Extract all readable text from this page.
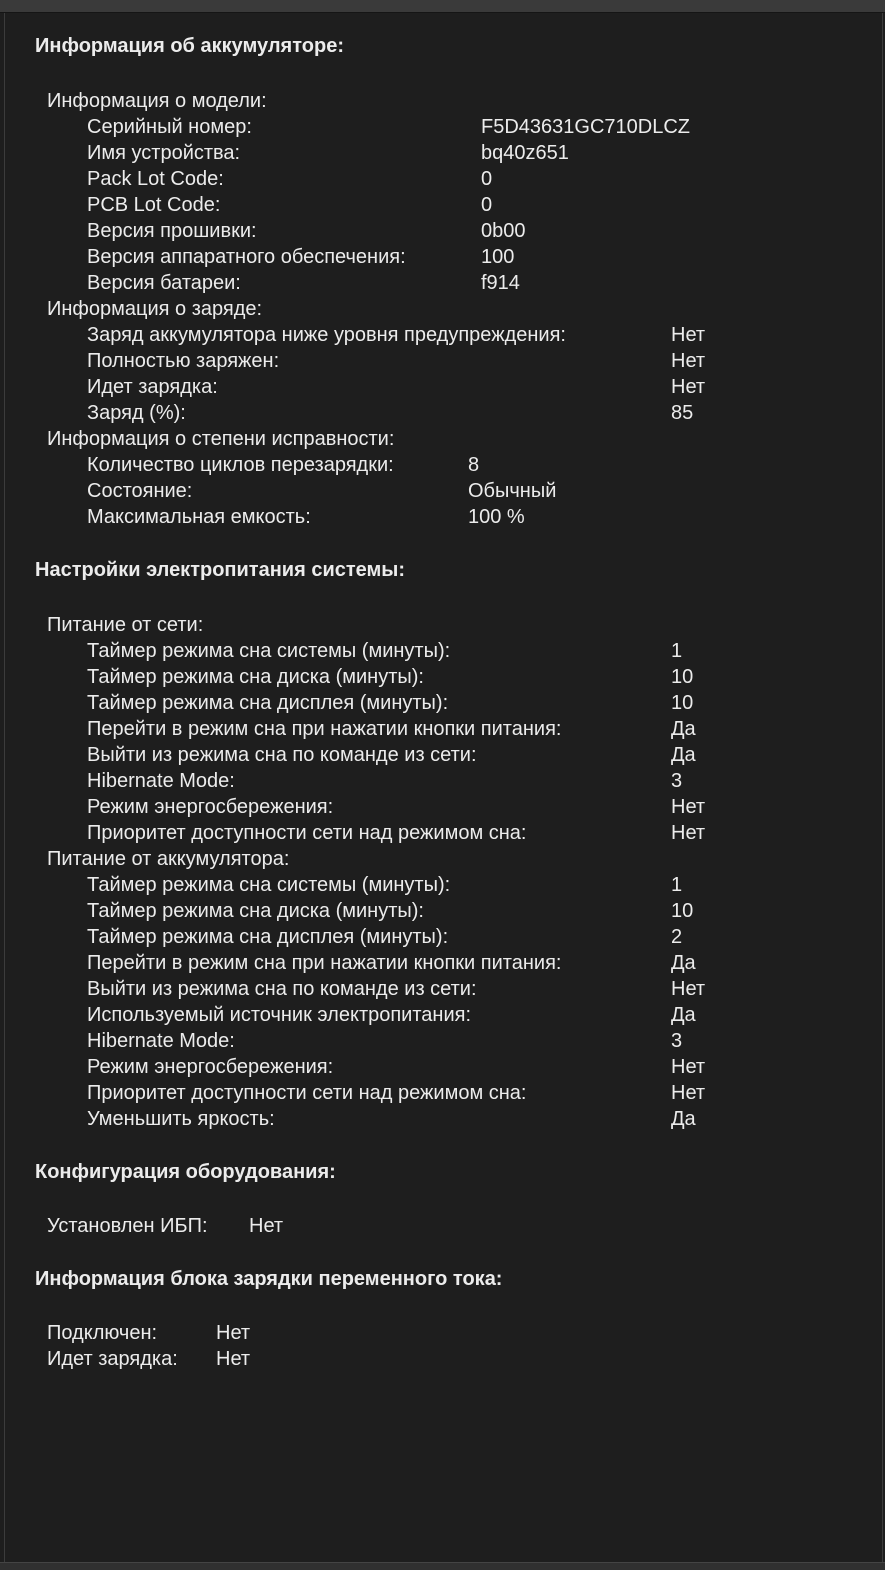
Информация об аккумуляторе:
Информация о модели:
Серийный номер:	F5D43631GC710DLCZ
Имя устройства:	bq40z651
Pack Lot Code:	0
PCB Lot Code:	0
Версия прошивки:	0b00
Версия аппаратного обеспечения:	100
Версия батареи:	f914
Информация о заряде:
Заряд аккумулятора ниже уровня предупреждения:	Нет
Полностью заряжен:	Нет
Идет зарядка:	Нет
Заряд (%):	85
Информация о степени исправности:
Количество циклов перезарядки:	8
Состояние:	Обычный
Максимальная емкость:	100 %
Настройки электропитания системы:
Питание от сети:
Таймер режима сна системы (минуты):	1
Таймер режима сна диска (минуты):	10
Таймер режима сна дисплея (минуты):	10
Перейти в режим сна при нажатии кнопки питания:	Да
Выйти из режима сна по команде из сети:	Да
Hibernate Mode:	3
Режим энергосбережения:	Нет
Приоритет доступности сети над режимом сна:	Нет
Питание от аккумулятора:
Таймер режима сна системы (минуты):	1
Таймер режима сна диска (минуты):	10
Таймер режима сна дисплея (минуты):	2
Перейти в режим сна при нажатии кнопки питания:	Да
Выйти из режима сна по команде из сети:	Нет
Используемый источник электропитания:	Да
Hibernate Mode:	3
Режим энергосбережения:	Нет
Приоритет доступности сети над режимом сна:	Нет
Уменьшить яркость:	Да
Конфигурация оборудования:
Установлен ИБП: Нет
Информация блока зарядки переменного тока:
Подключен:	Нет
Идет зарядка: Нет
